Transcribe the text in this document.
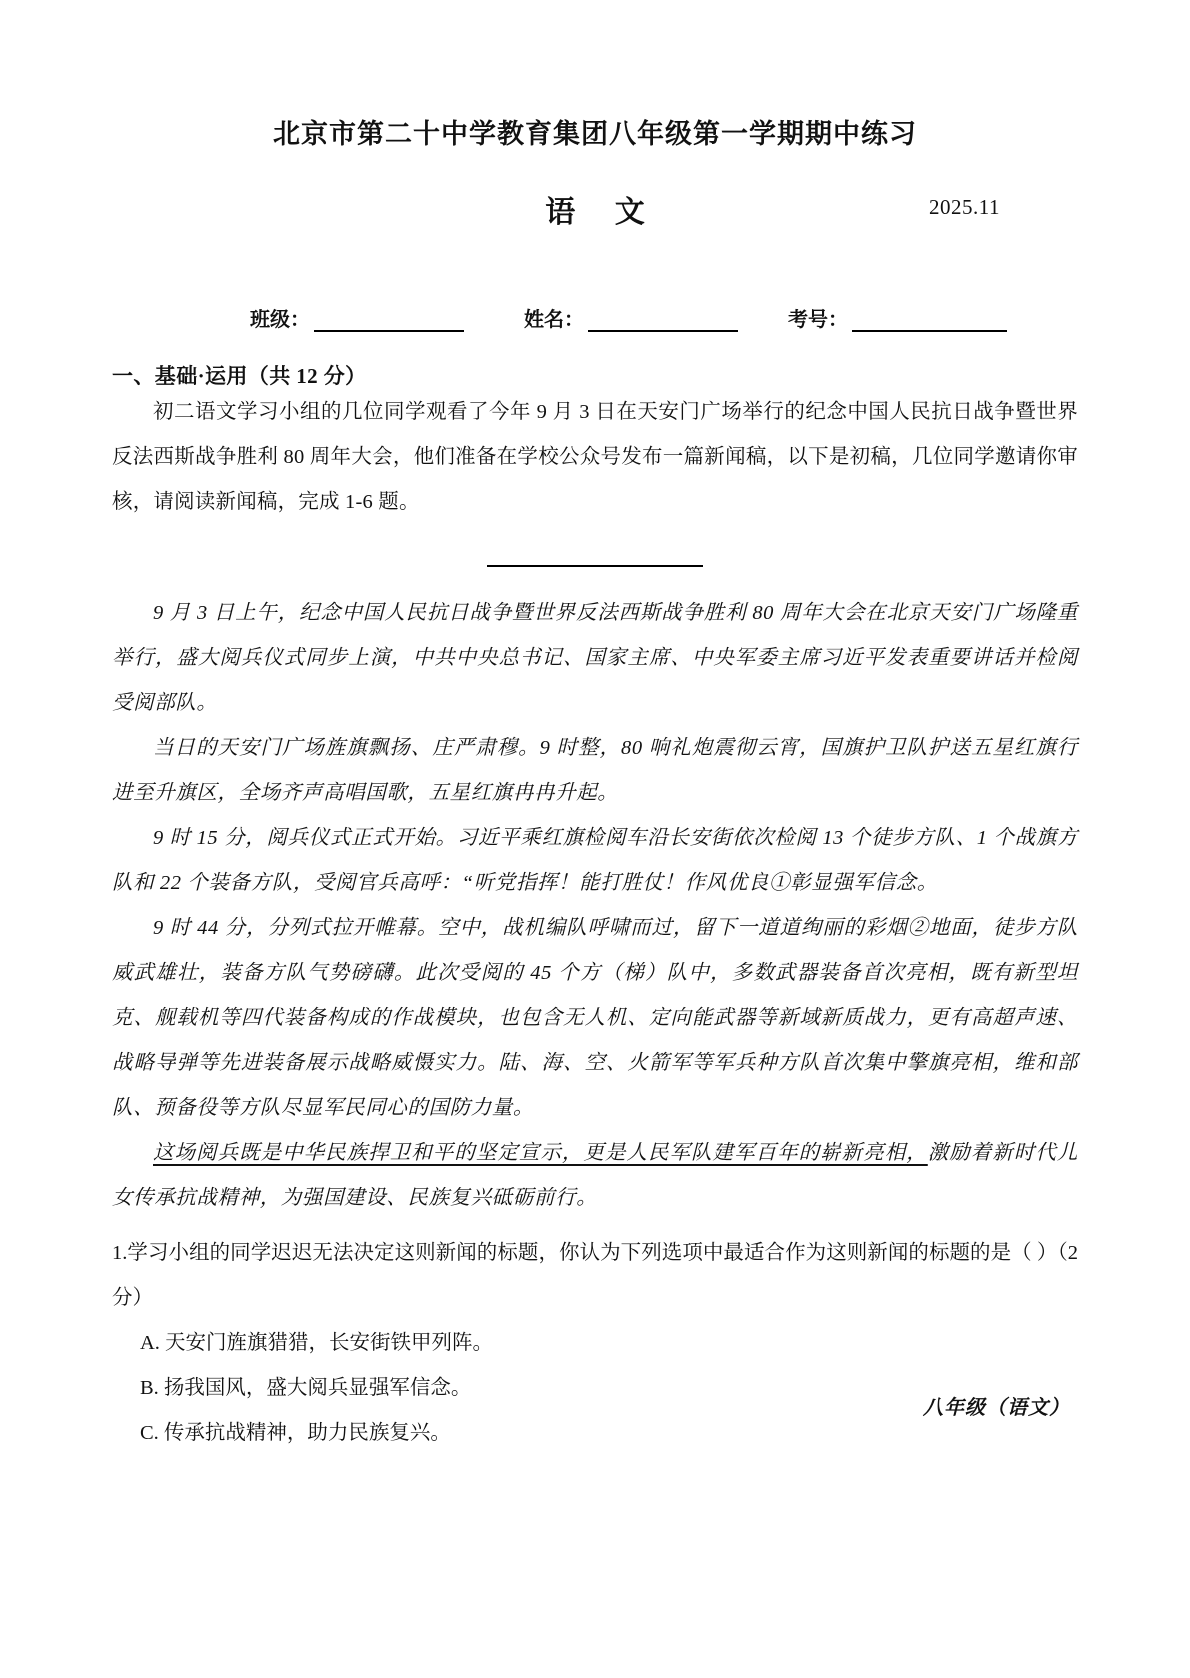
北京市第二十中学教育集团八年级第一学期期中练习
语 文	2025.11
班级：	姓名：	考号：
一、基础·运用（共 12 分）

初二语文学习小组的几位同学观看了今年 9 月 3 日在天安门广场举行的纪念中国人民抗日战争暨世界反法西斯战争胜利 80 周年大会，他们准备在学校公众号发布一篇新闻稿，以下是初稿，几位同学邀请你审核，请阅读新闻稿，完成 1-6 题。

9 月 3 日上午，纪念中国人民抗日战争暨世界反法西斯战争胜利 80 周年大会在北京天安门广场隆重举行，盛大阅兵仪式同步上演，中共中央总书记、国家主席、中央军委主席习近平发表重要讲话并检阅受阅部队。

当日的天安门广场旌旗飘扬、庄严肃穆。9 时整，80 响礼炮震彻云宵，国旗护卫队护送五星红旗行进至升旗区，全场齐声高唱国歌，五星红旗冉冉升起。

9 时 15 分，阅兵仪式正式开始。习近平乘红旗检阅车沿长安街依次检阅 13 个徒步方队、1 个战旗方队和 22 个装备方队，受阅官兵高呼：“听党指挥！能打胜仗！作风优良①彰显强军信念。

9 时 44 分，分列式拉开帷幕。空中，战机编队呼啸而过，留下一道道绚丽的彩烟②地面，徒步方队威武雄壮，装备方队气势磅礴。此次受阅的 45 个方（梯）队中，多数武器装备首次亮相，既有新型坦克、舰载机等四代装备构成的作战模块，也包含无人机、定向能武器等新域新质战力，更有高超声速、战略导弹等先进装备展示战略威慑实力。陆、海、空、火箭军等军兵种方队首次集中擎旗亮相，维和部队、预备役等方队尽显军民同心的国防力量。

这场阅兵既是中华民族捍卫和平的坚定宣示，更是人民军队建军百年的崭新亮相，激励着新时代儿女传承抗战精神，为强国建设、民族复兴砥砺前行。

1.学习小组的同学迟迟无法决定这则新闻的标题，你认为下列选项中最适合作为这则新闻的标题的是（ ）（2 分）

A. 天安门旌旗猎猎，长安街铁甲列阵。

B. 扬我国风，盛大阅兵显强军信念。

C. 传承抗战精神，助力民族复兴。

八年级（语文）
